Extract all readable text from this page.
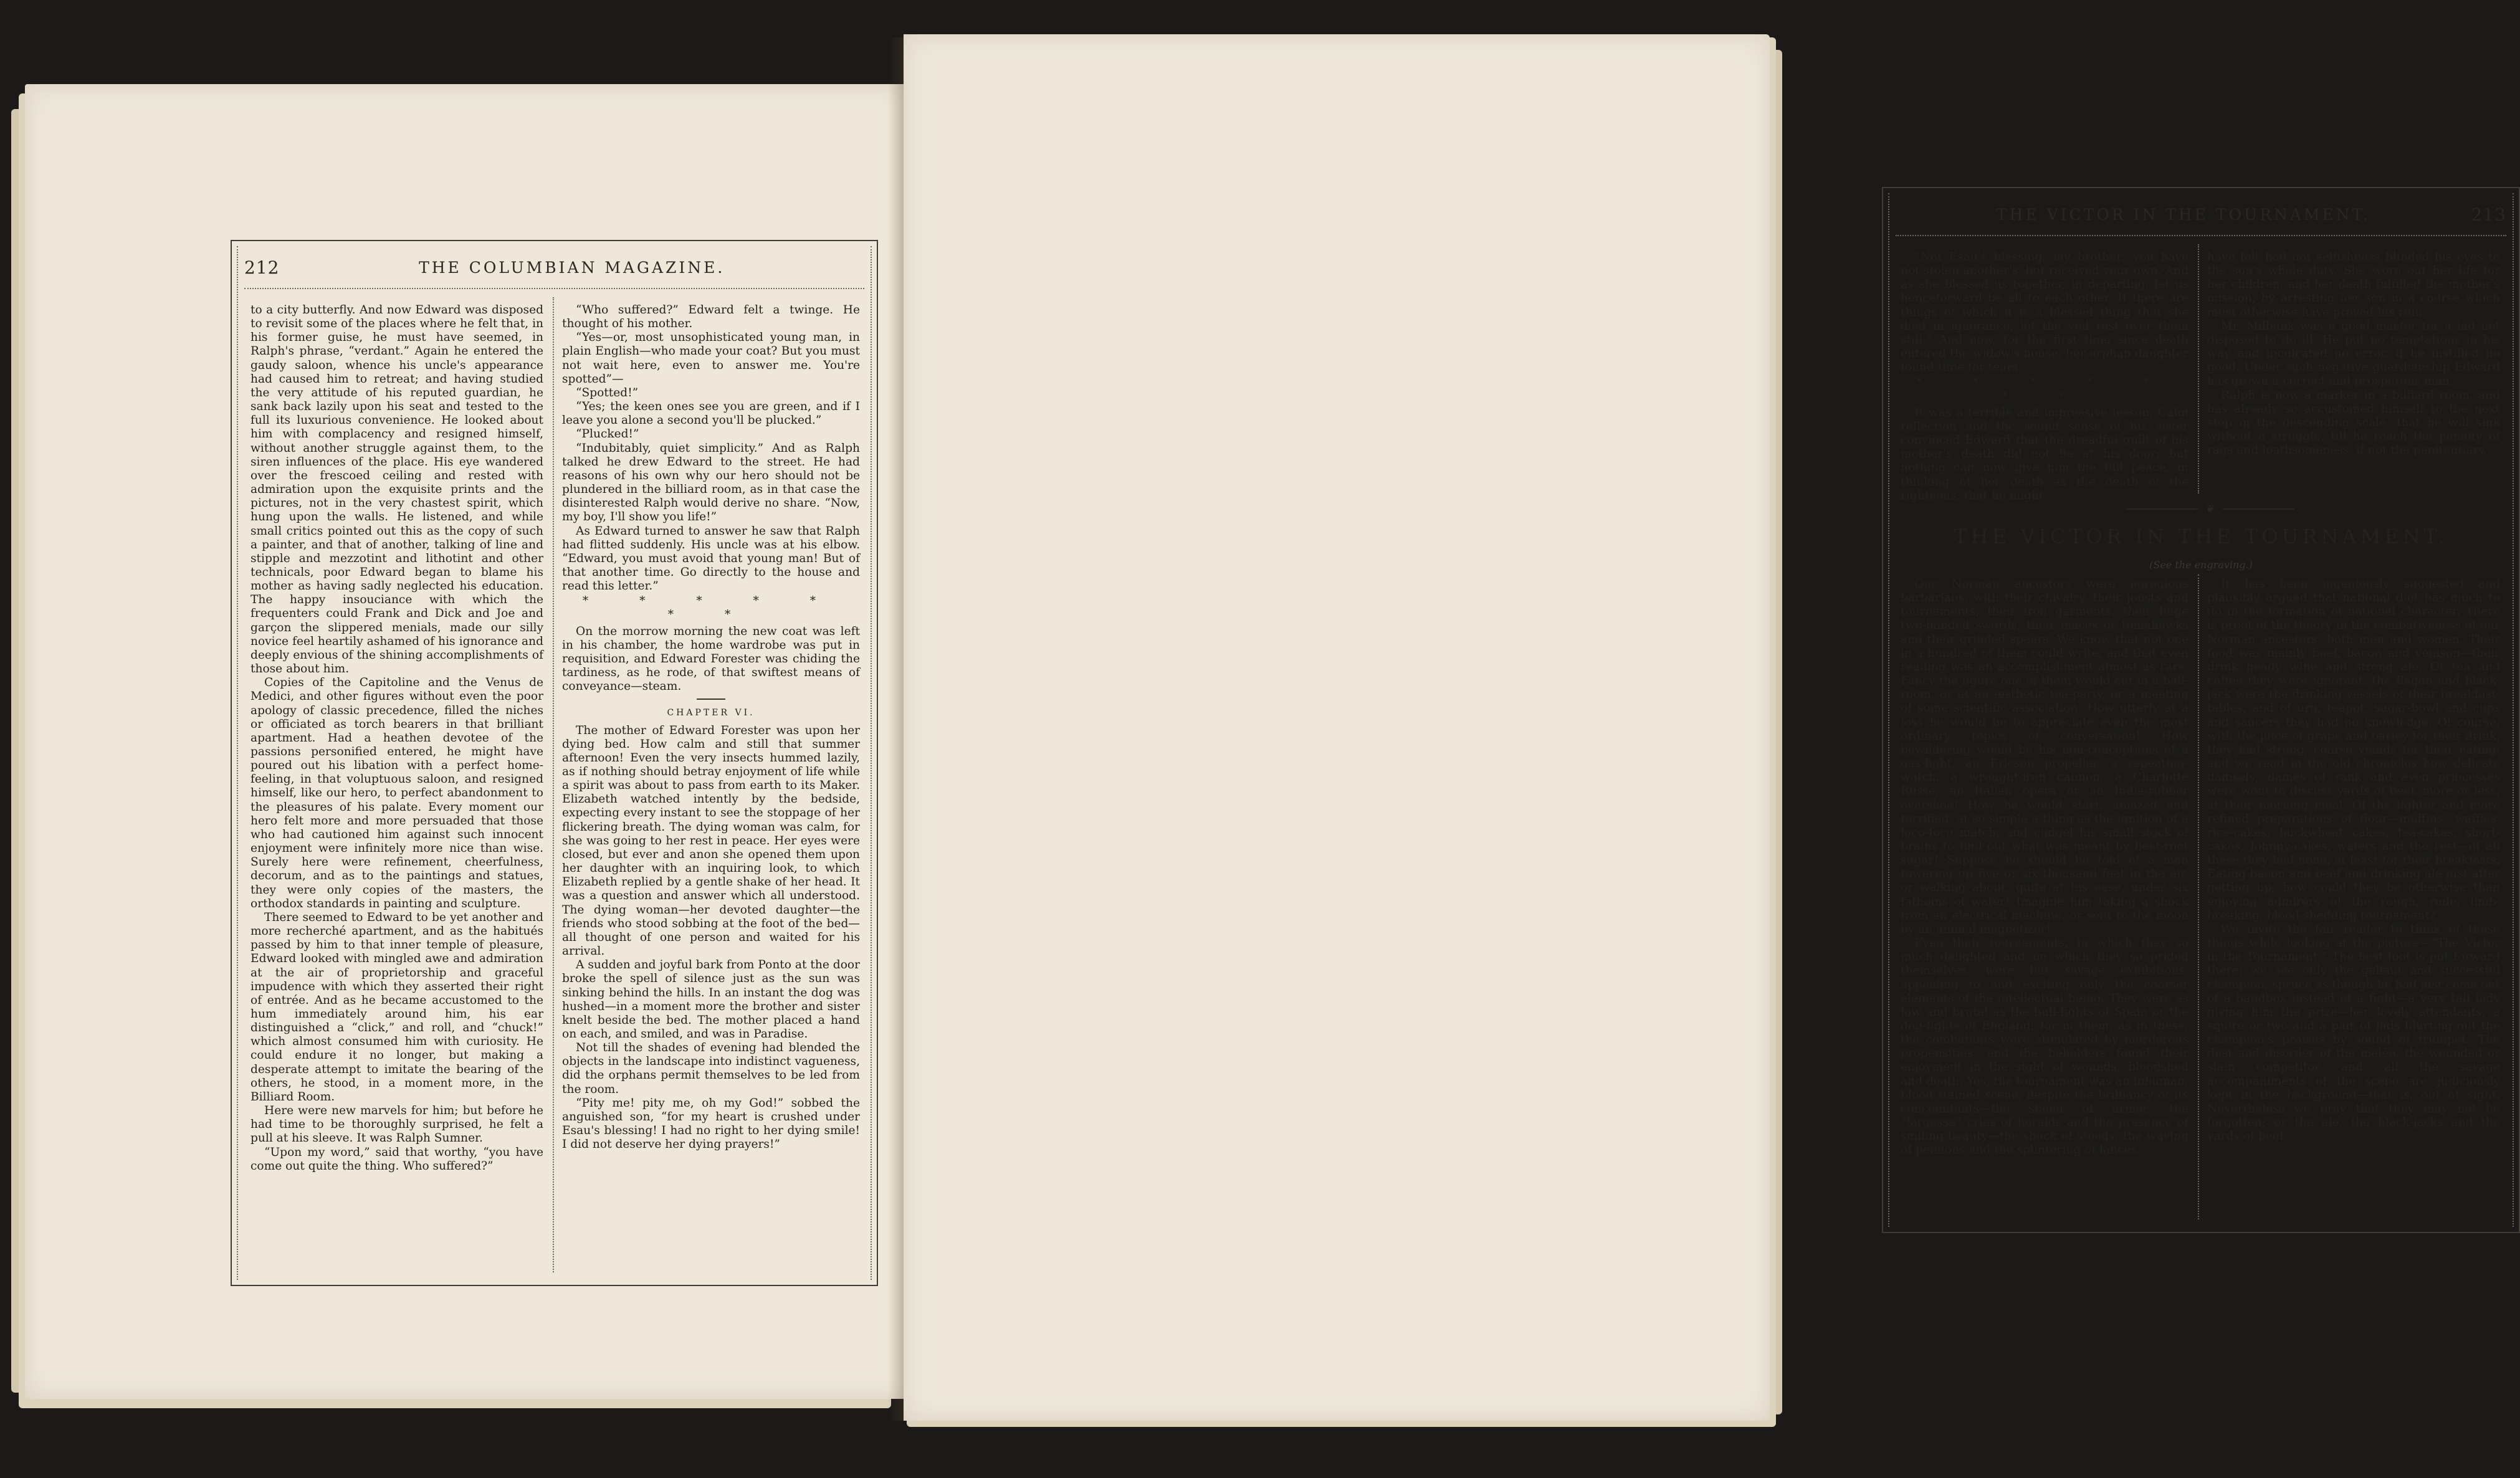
212	THE COLUMBIAN MAGAZINE.

to a city butterfly. And now Edward was disposed to revisit some of the places where he felt that, in his former guise, he must have seemed, in Ralph's phrase, “verdant.” Again he entered the gaudy saloon, whence his uncle's appearance had caused him to retreat; and having studied the very attitude of his reputed guardian, he sank back lazily upon his seat and tested to the full its luxurious convenience. He looked about him with complacency and resigned himself, without another struggle against them, to the siren influences of the place. His eye wandered over the frescoed ceiling and rested with admiration upon the exquisite prints and the pictures, not in the very chastest spirit, which hung upon the walls. He listened, and while small critics pointed out this as the copy of such a painter, and that of another, talking of line and stipple and mezzotint and lithotint and other technicals, poor Edward began to blame his mother as having sadly neglected his education. The happy insouciance with which the frequenters could Frank and Dick and Joe and garçon the slippered menials, made our silly novice feel heartily ashamed of his ignorance and deeply envious of the shining accomplishments of those about him.

Copies of the Capitoline and the Venus de Medici, and other figures without even the poor apology of classic precedence, filled the niches or officiated as torch bearers in that brilliant apartment. Had a heathen devotee of the passions personified entered, he might have poured out his libation with a perfect home-feeling, in that voluptuous saloon, and resigned himself, like our hero, to perfect abandonment to the pleasures of his palate. Every moment our hero felt more and more persuaded that those who had cautioned him against such innocent enjoyment were infinitely more nice than wise. Surely here were refinement, cheerfulness, decorum, and as to the paintings and statues, they were only copies of the masters, the orthodox standards in painting and sculpture.

There seemed to Edward to be yet another and more recherché apartment, and as the habitués passed by him to that inner temple of pleasure, Edward looked with mingled awe and admiration at the air of proprietorship and graceful impudence with which they asserted their right of entrée. And as he became accustomed to the hum immediately around him, his ear distinguished a “click,” and roll, and “chuck!” which almost consumed him with curiosity. He could endure it no longer, but making a desperate attempt to imitate the bearing of the others, he stood, in a moment more, in the Billiard Room.

Here were new marvels for him; but before he had time to be thoroughly surprised, he felt a pull at his sleeve. It was Ralph Sumner.

“Upon my word,” said that worthy, “you have come out quite the thing. Who suffered?”

“Who suffered?” Edward felt a twinge. He thought of his mother.

“Yes—or, most unsophisticated young man, in plain English—who made your coat? But you must not wait here, even to answer me. You're spotted”—

“Spotted!”

“Yes; the keen ones see you are green, and if I leave you alone a second you'll be plucked.”

“Plucked!”

“Indubitably, quiet simplicity.” And as Ralph talked he drew Edward to the street. He had reasons of his own why our hero should not be plundered in the billiard room, as in that case the disinterested Ralph would derive no share. “Now, my boy, I'll show you life!”

As Edward turned to answer he saw that Ralph had flitted suddenly. His uncle was at his elbow. “Edward, you must avoid that young man! But of that another time. Go directly to the house and read this letter.”

* * * * * * *

On the morrow morning the new coat was left in his chamber, the home wardrobe was put in requisition, and Edward Forester was chiding the tardiness, as he rode, of that swiftest means of conveyance—steam.

CHAPTER VI.

The mother of Edward Forester was upon her dying bed. How calm and still that summer afternoon! Even the very insects hummed lazily, as if nothing should betray enjoyment of life while a spirit was about to pass from earth to its Maker. Elizabeth watched intently by the bedside, expecting every instant to see the stoppage of her flickering breath. The dying woman was calm, for she was going to her rest in peace. Her eyes were closed, but ever and anon she opened them upon her daughter with an inquiring look, to which Elizabeth replied by a gentle shake of her head. It was a question and answer which all understood. The dying woman—her devoted daughter—the friends who stood sobbing at the foot of the bed—all thought of one person and waited for his arrival.

A sudden and joyful bark from Ponto at the door broke the spell of silence just as the sun was sinking behind the hills. In an instant the dog was hushed—in a moment more the brother and sister knelt beside the bed. The mother placed a hand on each, and smiled, and was in Paradise.

Not till the shades of evening had blended the objects in the landscape into indistinct vagueness, did the orphans permit themselves to be led from the room.

“Pity me! pity me, oh my God!” sobbed the anguished son, “for my heart is crushed under Esau's blessing! I had no right to her dying smile! I did not deserve her dying prayers!”

THE VICTOR IN THE TOURNAMENT.	213

“Not Esau's blessing, my brother; you have not stolen another's, but received your own. And as she blessed us together, in departing, let us henceforward be all to each other. If there are things of which it is a blessed thing that she died in ignorance, let the veil rest over them still.” And now, for the first time since death entered the widow's house, her orphan daughter found time for tears.

* * * * * * *

It was a terrible and impressive lesson. Calm reflection and the sound sense of his sister convinced Edward that the dreadful guilt of his mother's death did not lie at his door; but nothing can now give him the full peace, in thinking of her death as the death of the righteous, that he might

have felt had not selfishness blinded his eyes to the son's whole duty. She wore out her life for her children, and her death fulfilled the mother's mission, by arresting her son in a course which must otherwise have proved his ruin.

Mr. Milbank was a good master for a lad not disposed to do ill. He put no temptations in his way and inculcated no error, if he instilled no good. Under such negative guardianship Edward has grown a correct and prosperous man.

Ralph is now a marker in a billiard room, and has already so accustomed himself to the next step in the descending scale, that he will sink without a struggle, till he reach the penalty of rags and loathsomeness, if not the penitentiary.

❦
THE VICTOR IN THE TOURNAMENT.
(See the engraving.)

Our Norman ancestors were egregious barbarians, with their chivalry, their jousts and tournaments, their iron garments, their huge two-handed swords, their maces or tomahawks and their grinded spears. We know that not one in a hundred of them could write, and that even reading was an accomplishment almost as rare. Fancy the figure one of them would cut in a ball-room, or at an æsthetic tea-party, or a meeting of some scientific association. How utterly at a loss he would be to appreciate even the most ordinary topics of conversation! How bewildering would be his non-conceptions of a gas-light, an Ericson propeller, a repeating-watch, a wrought-iron cannon, a Charlotte Russe, an Italian opera or an India-rubber overshoe! How he would start, amazed and terrified, at so simple a thing as the ignition of a loco-foco match; and cudgel his small stock of brains to find out what was meant by beet-root sugar! Suppose he should be told of a man towering up five or six thousand feet in the air, or walking about, quite at his ease, under six fathoms of water! Imagine him taking a shock from an electrical machine, or sent to the moon by an animal magnetizer!

Even their tournaments, in which they so much delighted and on which they so prided themselves, were but savage exhibitions, appealing to and exciting only the coarser elements of the intellectual being. They were as low and brutal as the bull-fights of Spain or the dog-fights of England; for in them, as in these, the combatants were stimulated by murderous propensities, and the beholders found their enjoyment in the sight of wounds, bloodshed and death. Yes, the tournament was an inhuman, blood-stained scene, despite the brilliancy of its concomitants—the sheen of armor, the “largesse” cries of heralds and the presence of smiling beauty—the shock of steeds, the waving of pennons and the splintering of lances.

It has been ingeniously suggested and plausibly argued that national diet has much to do in the formation of national character. There is proof of the theory in the combativeness of our Norman ancestors, both men and women. Their food was mainly beef, bacon and venison—their drink heady wine and strong ale. Of tea and coffee they were ignorant; the flagon and black-jack were the drinking vessels of their breakfast-tables, and of urn, teapot, sugar-bowl and cups and saucers they had no knowledge. Of course, with the juice of grape and barley for their drink, they had strong, coarse viands for their eating; and we read in the old chronicles how delicate damsels, dames of rank and even princesses were wont to discuss yards of beef, more or less, at their morning meal. Of the lighter and more refined preparations of flour—muffins, waffles, rice-cakes, buckwheat cakes, tea-cakes, short-cakes, Johnny-cakes, wafers and the rest—of all these they had none, at least for their breakfasts. Eating bacon and beef and drinking ale just after getting up, how could they be otherwise than enjoying admirers of the rough, rude, limb-breaking, blood-shedding tournament?

We invite the fair reader to think of these things while looking at the picture—“The Victor in the Tournament.” The best foot is put forward there; we see only the gallant and successful champion, spruce as though he had just come out of a bandbox instead of a fight—a very tall lady giving him the prize—her lovely attendants, a squire or two and a pair of lads blurting out the champion's praises by sound of trumpet. The dust and disorder of the melée, the wounded or slain competitor and all the savage accompaniments of the scene are judiciously kept in the background—that is, out of sight. Nevertheless we pray that they may not be forgotten; or the ale, the black-jacks and the yards of beef.
